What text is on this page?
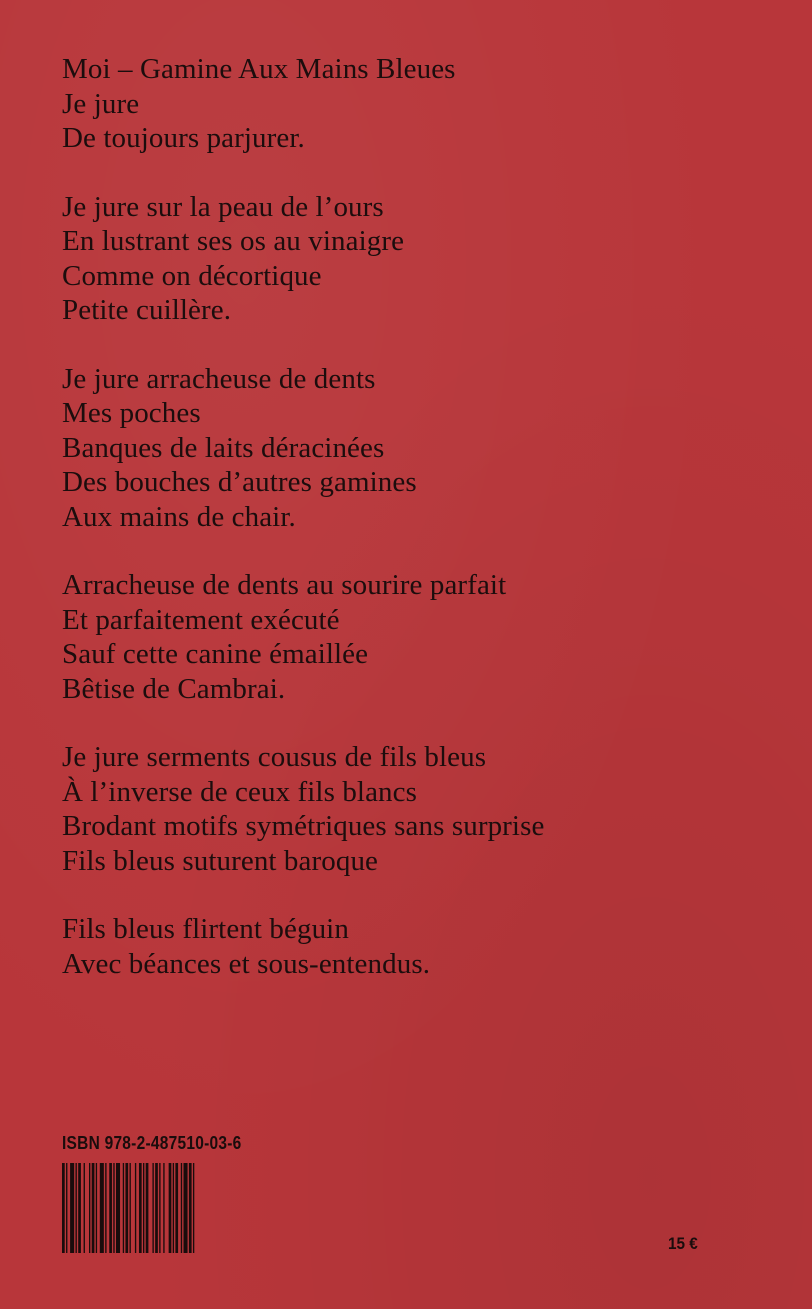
Moi – Gamine Aux Mains Bleues
Je jure
De toujours parjurer.
Je jure sur la peau de l’ours
En lustrant ses os au vinaigre
Comme on décortique
Petite cuillère.
Je jure arracheuse de dents
Mes poches
Banques de laits déracinées
Des bouches d’autres gamines
Aux mains de chair.
Arracheuse de dents au sourire parfait
Et parfaitement exécuté
Sauf cette canine émaillée
Bêtise de Cambrai.
Je jure serments cousus de fils bleus
À l’inverse de ceux fils blancs
Brodant motifs symétriques sans surprise
Fils bleus suturent baroque
Fils bleus flirtent béguin
Avec béances et sous-entendus.
ISBN 978-2-487510-03-6
15 €
